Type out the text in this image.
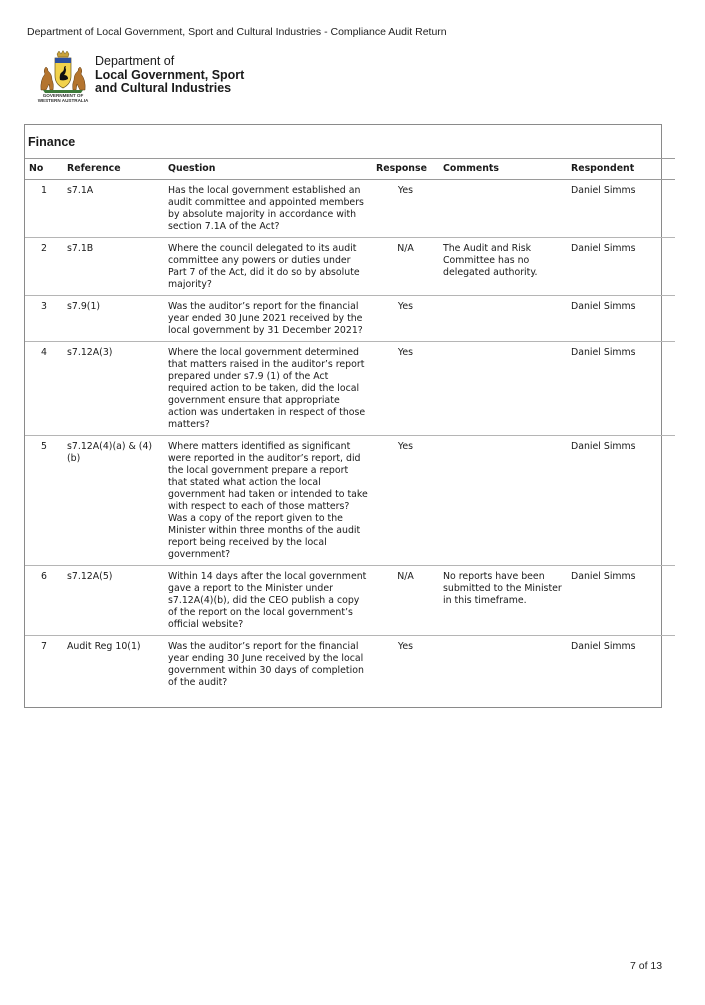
Department of Local Government, Sport and Cultural Industries - Compliance Audit Return
GOVERNMENT OF
WESTERN AUSTRALIA
Department of
Local Government, Sport
and Cultural Industries
Finance
No	Reference	Question	Response	Comments	Respondent
1	s7.1A	Has the local government established an audit committee and appointed members by absolute majority in accordance with section 7.1A of the Act?	Yes		Daniel Simms
2	s7.1B	Where the council delegated to its audit committee any powers or duties under Part 7 of the Act, did it do so by absolute majority?	N/A	The Audit and Risk Committee has no delegated authority.	Daniel Simms
3	s7.9(1)	Was the auditor’s report for the financial year ended 30 June 2021 received by the local government by 31 December 2021?	Yes		Daniel Simms
4	s7.12A(3)	Where the local government determined that matters raised in the auditor’s report prepared under s7.9 (1) of the Act required action to be taken, did the local government ensure that appropriate action was undertaken in respect of those matters?	Yes		Daniel Simms
5	s7.12A(4)(a) & (4)(b)	Where matters identified as significant were reported in the auditor’s report, did the local government prepare a report that stated what action the local government had taken or intended to take with respect to each of those matters? Was a copy of the report given to the Minister within three months of the audit report being received by the local government?	Yes		Daniel Simms
6	s7.12A(5)	Within 14 days after the local government gave a report to the Minister under s7.12A(4)(b), did the CEO publish a copy of the report on the local government’s official website?	N/A	No reports have been submitted to the Minister in this timeframe.	Daniel Simms
7	Audit Reg 10(1)	Was the auditor’s report for the financial year ending 30 June received by the local government within 30 days of completion of the audit?	Yes		Daniel Simms
7 of 13
